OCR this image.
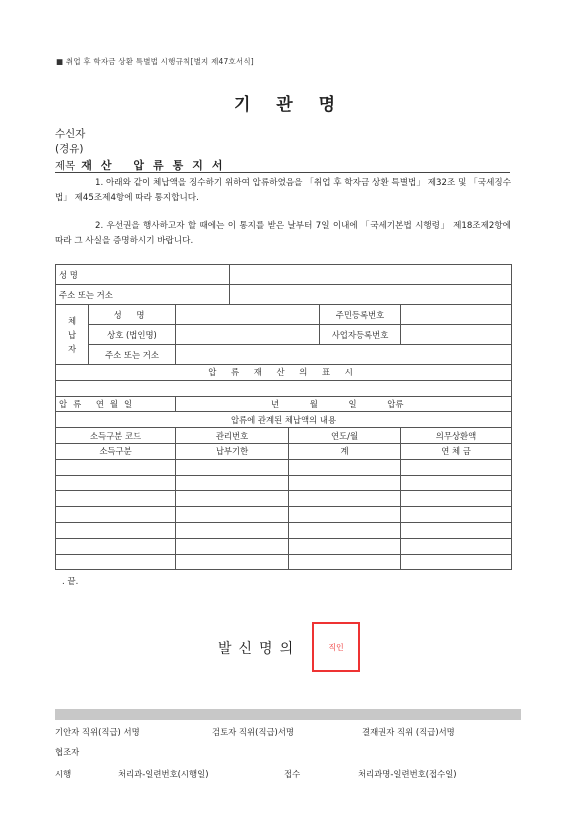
■ 취업 후 학자금 상환 특별법 시행규칙[별지 제47호서식]
기 관 명
수신자
(경유)
제목 재산 압류통지서
1. 아래와 같이 체납액을 징수하기 위하여 압류하였음을 「취업 후 학자금 상환 특별법」 제32조 및 「국세징수법」 제45조제4항에 따라 통지합니다.
2. 우선권을 행사하고자 할 때에는 이 통지를 받은 날부터 7일 이내에 「국세기본법 시행령」 제18조제2항에 따라 그 사실을 증명하시기 바랍니다.
성 명						
주소 또는 거소						
체
납
자	성 명				주민등록번호	
	상호 (법인명)				사업자등록번호	
	주소 또는 거소					
압 류 재 산 의 표 시						

압류 연월일		년 월 일 압류				
압류에 관계된 체납액의 내용						
소득구분 코드		관리번호		연도/월		의무상환액
소득구분		납부기한		계		연 체 금

. 끝.
발신명의	직인
기안자 직위(직급) 서명	검토자 직위(직급)서명	결재권자 직위 (직급)서명
협조자
시행	처리과-일련번호(시행일)	접수	처리과명-일련번호(접수일)
